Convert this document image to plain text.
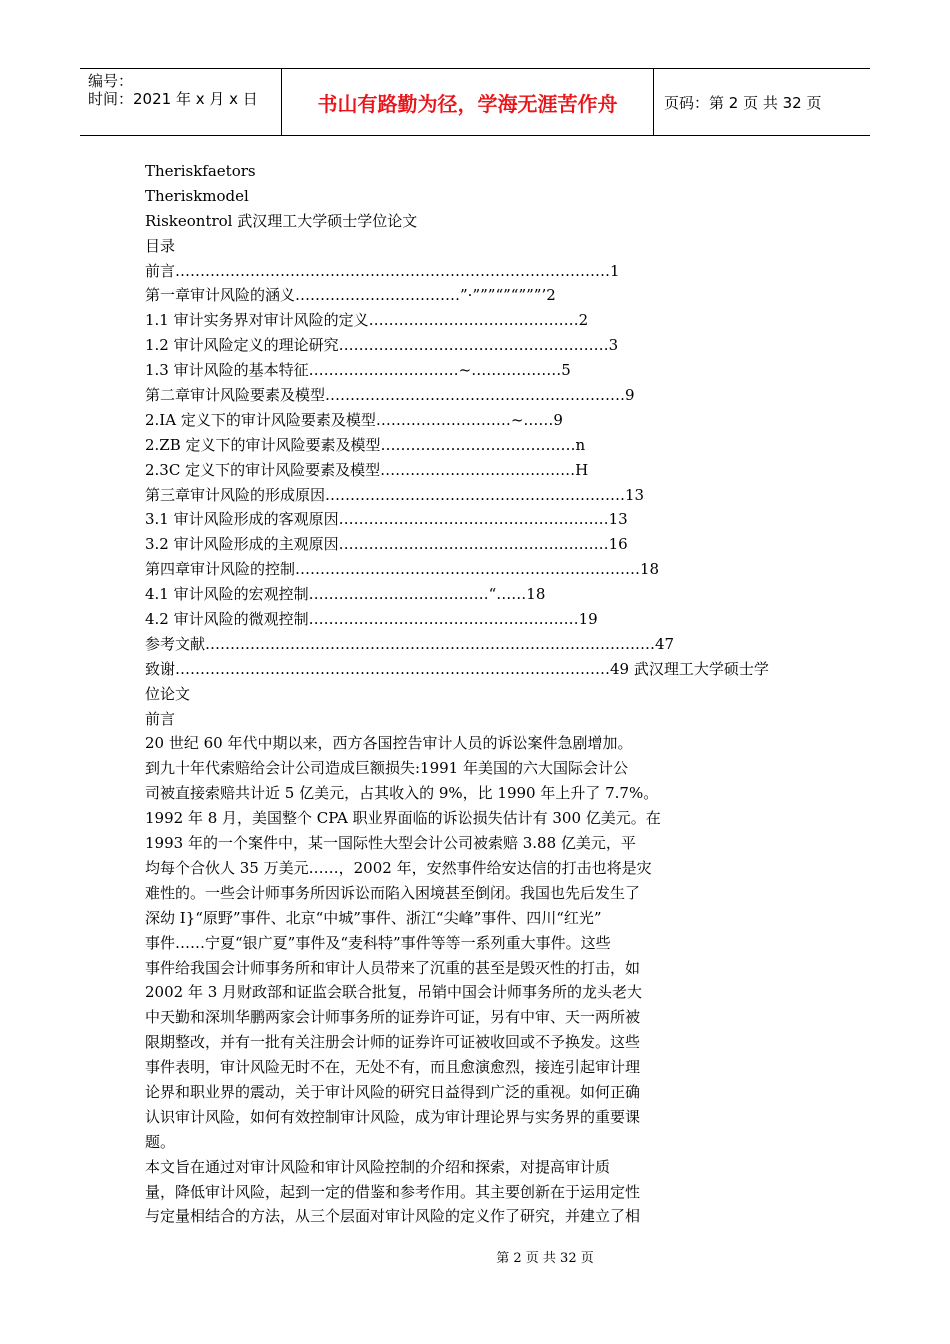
编号：
时间：2021 年 x 月 x 日	书山有路勤为径，学海无涯苦作舟	页码：第 2 页 共 32 页
Theriskfaetors
Theriskmodel
Riskeontrol 武汉理工大学硕士学位论文
目录
前言……………………………………………………………………………1
第一章审计风险的涵义……………………………”·”””“”“”””’2
1.1 审计实务界对审计风险的定义……………………………………2
1.2 审计风险定义的理论研究………………………………………………3
1.3 审计风险的基本特征…………………………~………………5
第二章审计风险要素及模型……………………………………………………9
2.IA 定义下的审计风险要素及模型………………………~……9
2.ZB 定义下的审计风险要素及模型…………………………………n
2.3C 定义下的审计风险要素及模型…………………………………H
第三章审计风险的形成原因……………………………………………………13
3.1 审计风险形成的客观原因………………………………………………13
3.2 审计风险形成的主观原因………………………………………………16
第四章审计风险的控制……………………………………………………………18
4.1 审计风险的宏观控制………………………………“……18
4.2 审计风险的微观控制………………………………………………19
参考文献………………………………………………………………………………47
致谢……………………………………………………………………………49 武汉理工大学硕士学
位论文
前言
20 世纪 60 年代中期以来，西方各国控告审计人员的诉讼案件急剧增加。
到九十年代索赔给会计公司造成巨额损失:1991 年美国的六大国际会计公
司被直接索赔共计近 5 亿美元，占其收入的 9%，比 1990 年上升了 7.7%。
1992 年 8 月，美国整个 CPA 职业界面临的诉讼损失估计有 300 亿美元。在
1993 年的一个案件中，某一国际性大型会计公司被索赔 3.88 亿美元，平
均每个合伙人 35 万美元……，2002 年，安然事件给安达信的打击也将是灾
难性的。一些会计师事务所因诉讼而陷入困境甚至倒闭。我国也先后发生了
深幼 I}“原野”事件、北京“中城”事件、浙江“尖峰”事件、四川“红光”
事件……宁夏“银广夏”事件及“麦科特”事件等等一系列重大事件。这些
事件给我国会计师事务所和审计人员带来了沉重的甚至是毁灭性的打击，如
2002 年 3 月财政部和证监会联合批复，吊销中国会计师事务所的龙头老大
中天勤和深圳华鹏两家会计师事务所的证券许可证，另有中审、天一两所被
限期整改，并有一批有关注册会计师的证券许可证被收回或不予换发。这些
事件表明，审计风险无时不在，无处不有，而且愈演愈烈，接连引起审计理
论界和职业界的震动，关于审计风险的研究日益得到广泛的重视。如何正确
认识审计风险，如何有效控制审计风险，成为审计理论界与实务界的重要课
题。
本文旨在通过对审计风险和审计风险控制的介绍和探索，对提高审计质
量，降低审计风险，起到一定的借鉴和参考作用。其主要创新在于运用定性
与定量相结合的方法，从三个层面对审计风险的定义作了研究，并建立了相
第 2 页 共 32 页
